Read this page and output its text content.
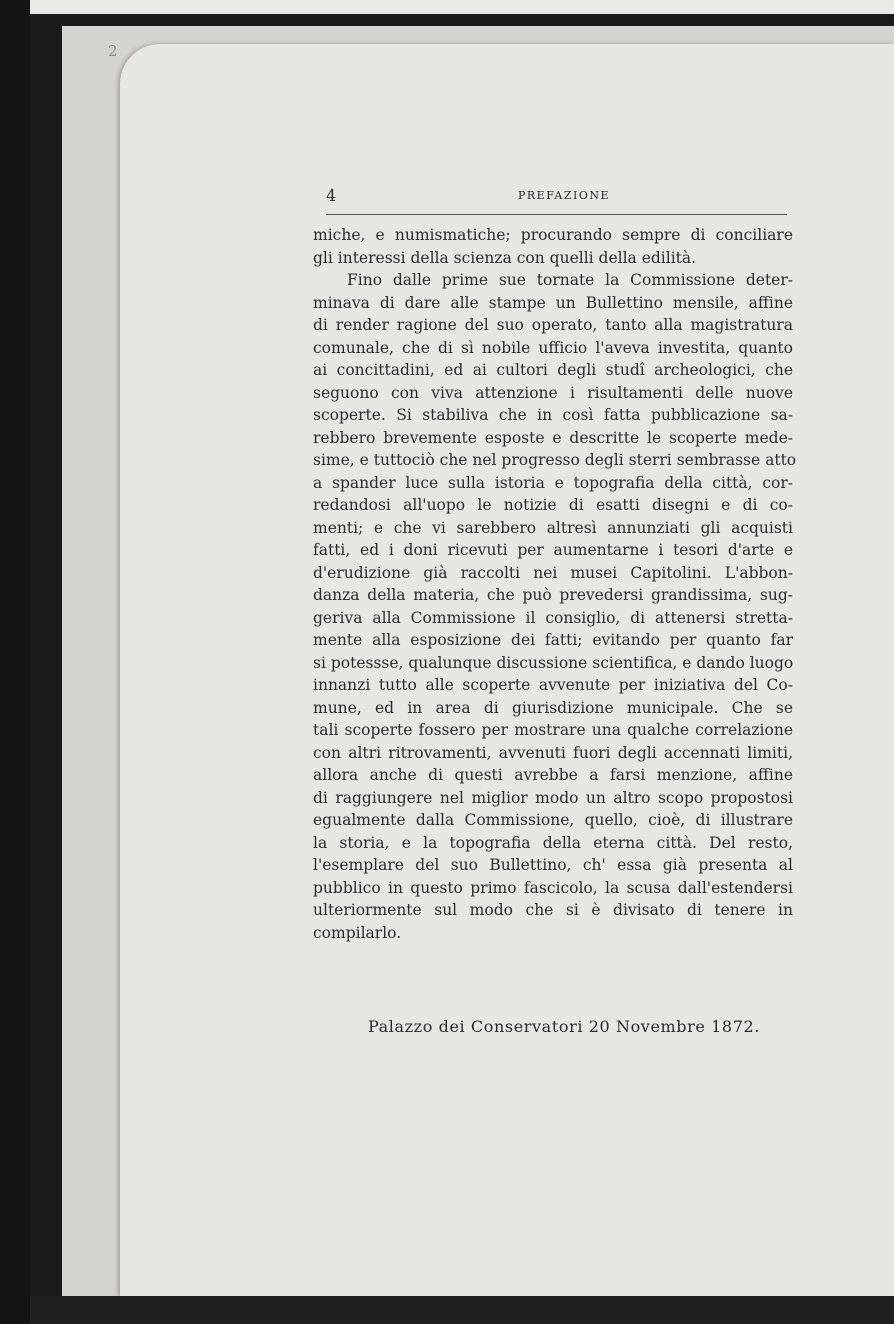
2
4	PREFAZIONE
miche, e numismatiche; procurando sempre di conciliare
gli interessi della scienza con quelli della edilità.
Fino dalle prime sue tornate la Commissione deter-
minava di dare alle stampe un Bullettino mensile, affine
di render ragione del suo operato, tanto alla magistratura
comunale, che di sì nobile ufficio l'aveva investita, quanto
ai concittadini, ed ai cultori degli studî archeologici, che
seguono con viva attenzione i risultamenti delle nuove
scoperte. Si stabiliva che in così fatta pubblicazione sa-
rebbero brevemente esposte e descritte le scoperte mede-
sime, e tuttociò che nel progresso degli sterri sembrasse atto
a spander luce sulla istoria e topografia della città, cor-
redandosi all'uopo le notizie di esatti disegni e di co-
menti; e che vi sarebbero altresì annunziati gli acquisti
fatti, ed i doni ricevuti per aumentarne i tesori d'arte e
d'erudizione già raccolti nei musei Capitolini. L'abbon-
danza della materia, che può prevedersi grandissima, sug-
geriva alla Commissione il consiglio, di attenersi stretta-
mente alla esposizione dei fatti; evitando per quanto far
si potessse, qualunque discussione scientifica, e dando luogo
innanzi tutto alle scoperte avvenute per iniziativa del Co-
mune, ed in area di giurisdizione municipale. Che se
tali scoperte fossero per mostrare una qualche correlazione
con altri ritrovamenti, avvenuti fuori degli accennati limiti,
allora anche di questi avrebbe a farsi menzione, affine
di raggiungere nel miglior modo un altro scopo propostosi
egualmente dalla Commissione, quello, cioè, di illustrare
la storia, e la topografia della eterna città. Del resto,
l'esemplare del suo Bullettino, ch' essa già presenta al
pubblico in questo primo fascicolo, la scusa dall'estendersi
ulteriormente sul modo che si è divisato di tenere in
compilarlo.
Palazzo dei Conservatori 20 Novembre 1872.
